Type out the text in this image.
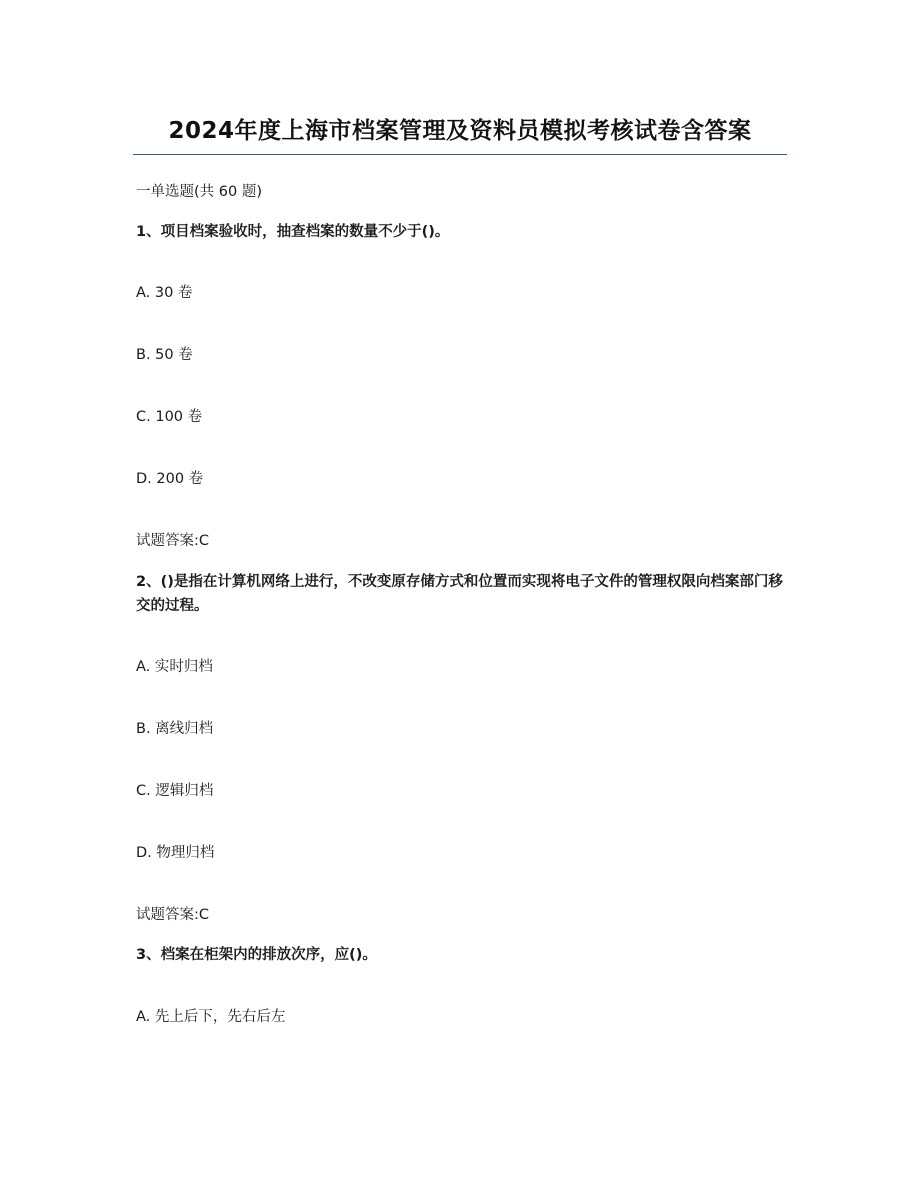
2024年度上海市档案管理及资料员模拟考核试卷含答案
一单选题(共 60 题)
1、项目档案验收时，抽查档案的数量不少于()。
A. 30 卷
B. 50 卷
C. 100 卷
D. 200 卷
试题答案:C
2、()是指在计算机网络上进行，不改变原存储方式和位置而实现将电子文件的管理权限向档案部门移交的过程。
A. 实时归档
B. 离线归档
C. 逻辑归档
D. 物理归档
试题答案:C
3、档案在柜架内的排放次序，应()。
A. 先上后下，先右后左
